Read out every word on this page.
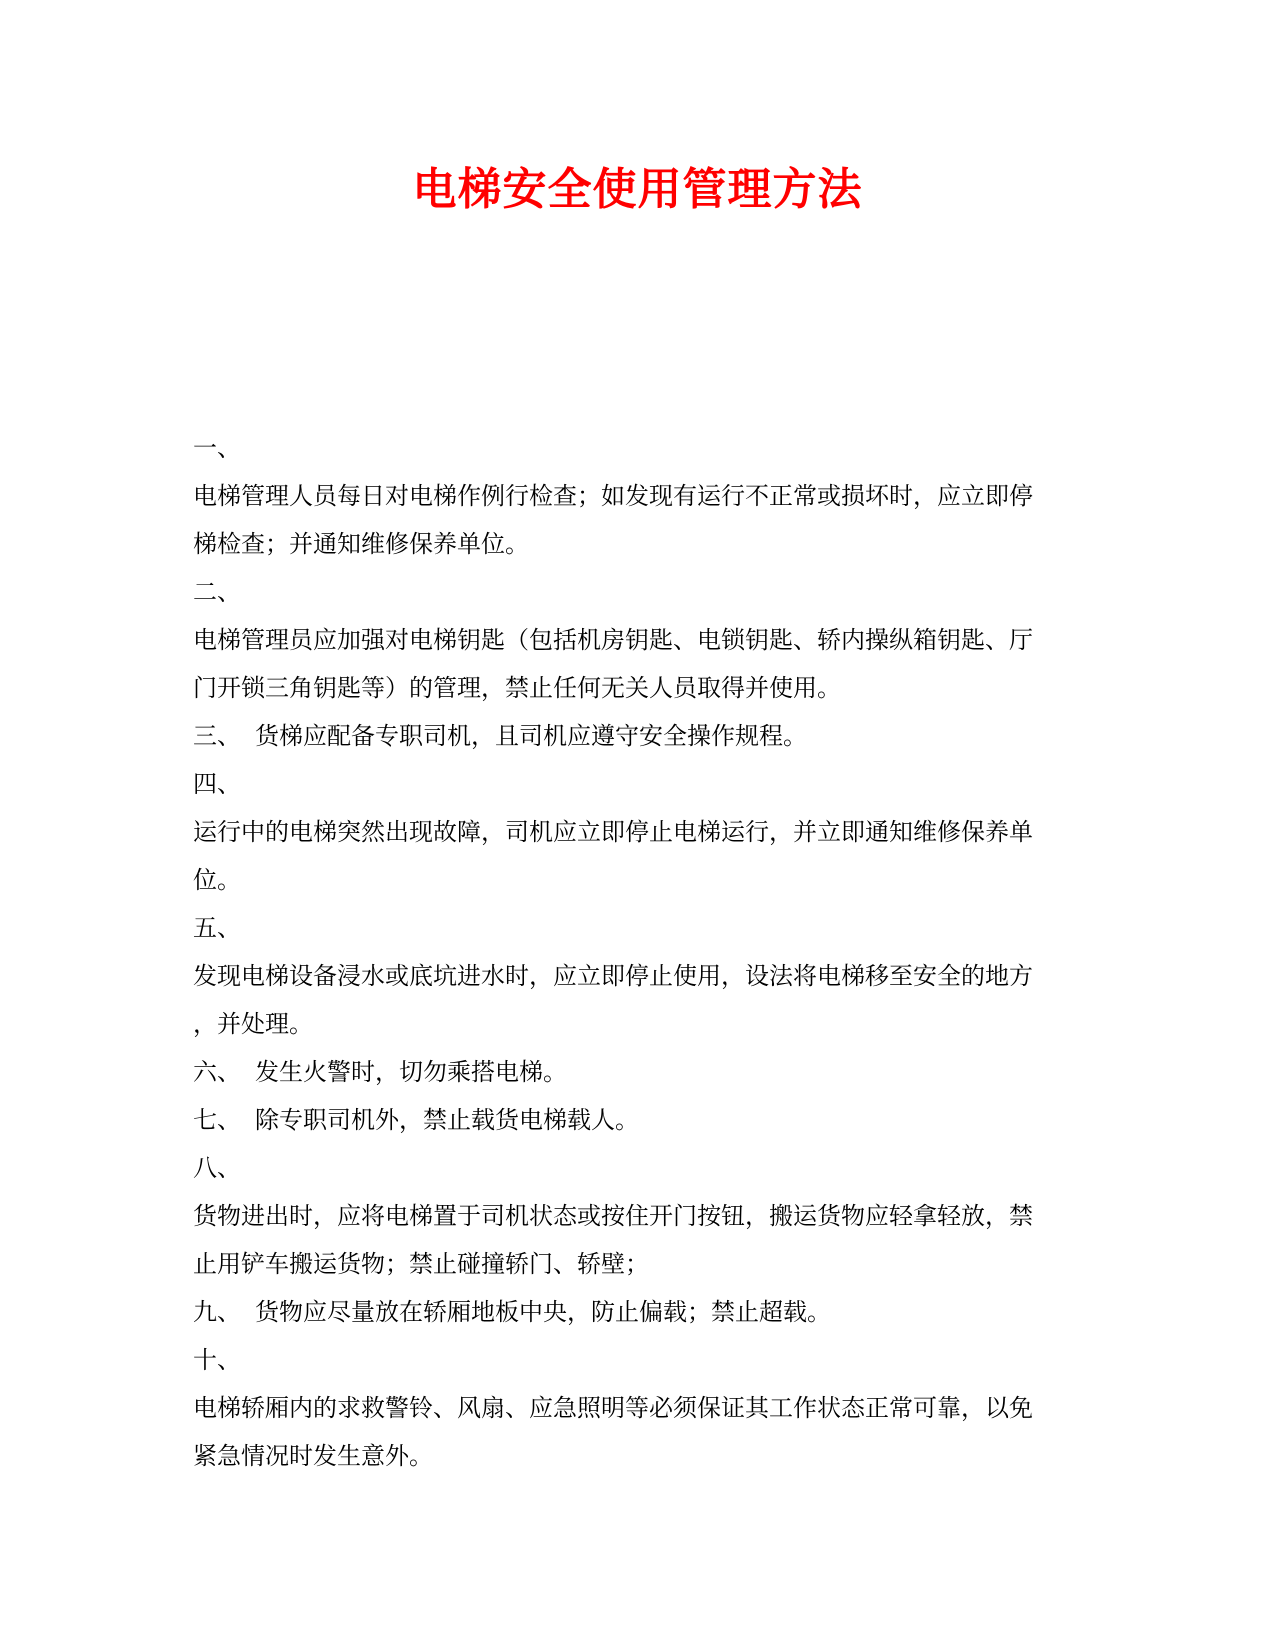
电梯安全使用管理方法
一、
电梯管理人员每日对电梯作例行检查；如发现有运行不正常或损坏时，应立即停
梯检查；并通知维修保养单位。
二、
电梯管理员应加强对电梯钥匙（包括机房钥匙、电锁钥匙、轿内操纵箱钥匙、厅
门开锁三角钥匙等）的管理，禁止任何无关人员取得并使用。
三、 货梯应配备专职司机，且司机应遵守安全操作规程。
四、
运行中的电梯突然出现故障，司机应立即停止电梯运行，并立即通知维修保养单
位。
五、
发现电梯设备浸水或底坑进水时，应立即停止使用，设法将电梯移至安全的地方
，并处理。
六、 发生火警时，切勿乘搭电梯。
七、 除专职司机外，禁止载货电梯载人。
八、
货物进出时，应将电梯置于司机状态或按住开门按钮，搬运货物应轻拿轻放，禁
止用铲车搬运货物；禁止碰撞轿门、轿壁；
九、 货物应尽量放在轿厢地板中央，防止偏载；禁止超载。
十、
电梯轿厢内的求救警铃、风扇、应急照明等必须保证其工作状态正常可靠，以免
紧急情况时发生意外。
